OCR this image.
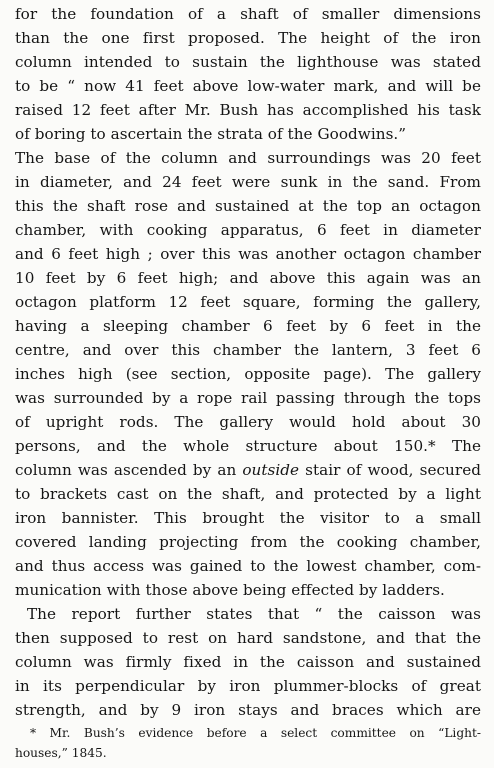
for the foundation of a shaft of smaller dimensions
than the one first proposed. The height of the iron
column intended to sustain the lighthouse was stated
to be “ now 41 feet above low-water mark, and will be
raised 12 feet after Mr. Bush has accomplished his task
of boring to ascertain the strata of the Goodwins.”
The base of the column and surroundings was 20 feet
in diameter, and 24 feet were sunk in the sand. From
this the shaft rose and sustained at the top an octagon
chamber, with cooking apparatus, 6 feet in diameter
and 6 feet high ; over this was another octagon chamber
10 feet by 6 feet high; and above this again was an
octagon platform 12 feet square, forming the gallery,
having a sleeping chamber 6 feet by 6 feet in the
centre, and over this chamber the lantern, 3 feet 6
inches high (see section, opposite page). The gallery
was surrounded by a rope rail passing through the tops
of upright rods. The gallery would hold about 30
persons, and the whole structure about 150.* The
column was ascended by an outside stair of wood, secured
to brackets cast on the shaft, and protected by a light
iron bannister. This brought the visitor to a small
covered landing projecting from the cooking chamber,
and thus access was gained to the lowest chamber, com-
munication with those above being effected by ladders.
The report further states that “ the caisson was
then supposed to rest on hard sandstone, and that the
column was firmly fixed in the caisson and sustained
in its perpendicular by iron plummer-blocks of great
strength, and by 9 iron stays and braces which are
* Mr. Bush’s evidence before a select committee on “Light-
houses,” 1845.
